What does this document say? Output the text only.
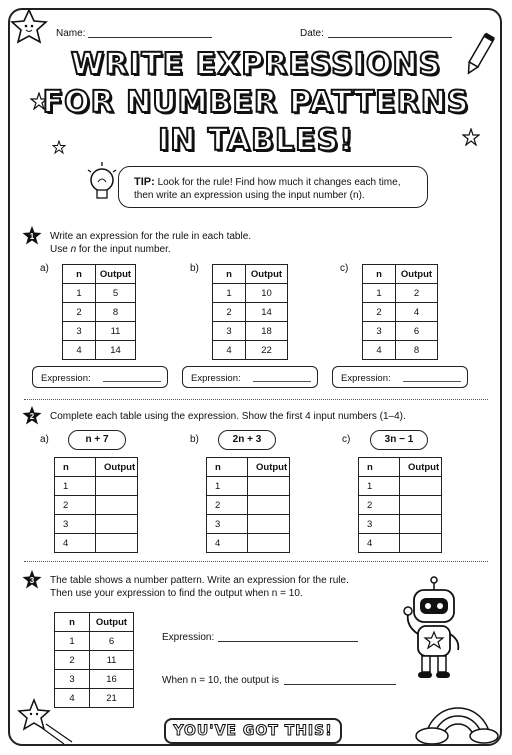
Name:	Date:
WRITE EXPRESSIONS
FOR NUMBER PATTERNS
IN TABLES!
TIP: Look for the rule! Find how much it changes each time,
then write an expression using the input number (n).
1 Write an expression for the rule in each table.
Use n for the input number.
a)	n	Output
1	5
2	8
3	11
4	14
b)	n	Output
1	10
2	14
3	18
4	22
c)	n	Output
1	2
2	4
3	6
4	8
Expression:	Expression:	Expression:
2 Complete each table using the expression. Show the first 4 input numbers (1–4).
a)	n + 7
n	Output
1	
2	
3	
4	
b)	2n + 3
n	Output
1	
2	
3	
4	
c)	3n − 1
n	Output
1	
2	
3	
4	
3 The table shows a number pattern. Write an expression for the rule.
Then use your expression to find the output when n = 10.
n	Output
1	6
2	11
3	16
4	21
Expression:
When n = 10, the output is
YOU'VE GOT THIS!
